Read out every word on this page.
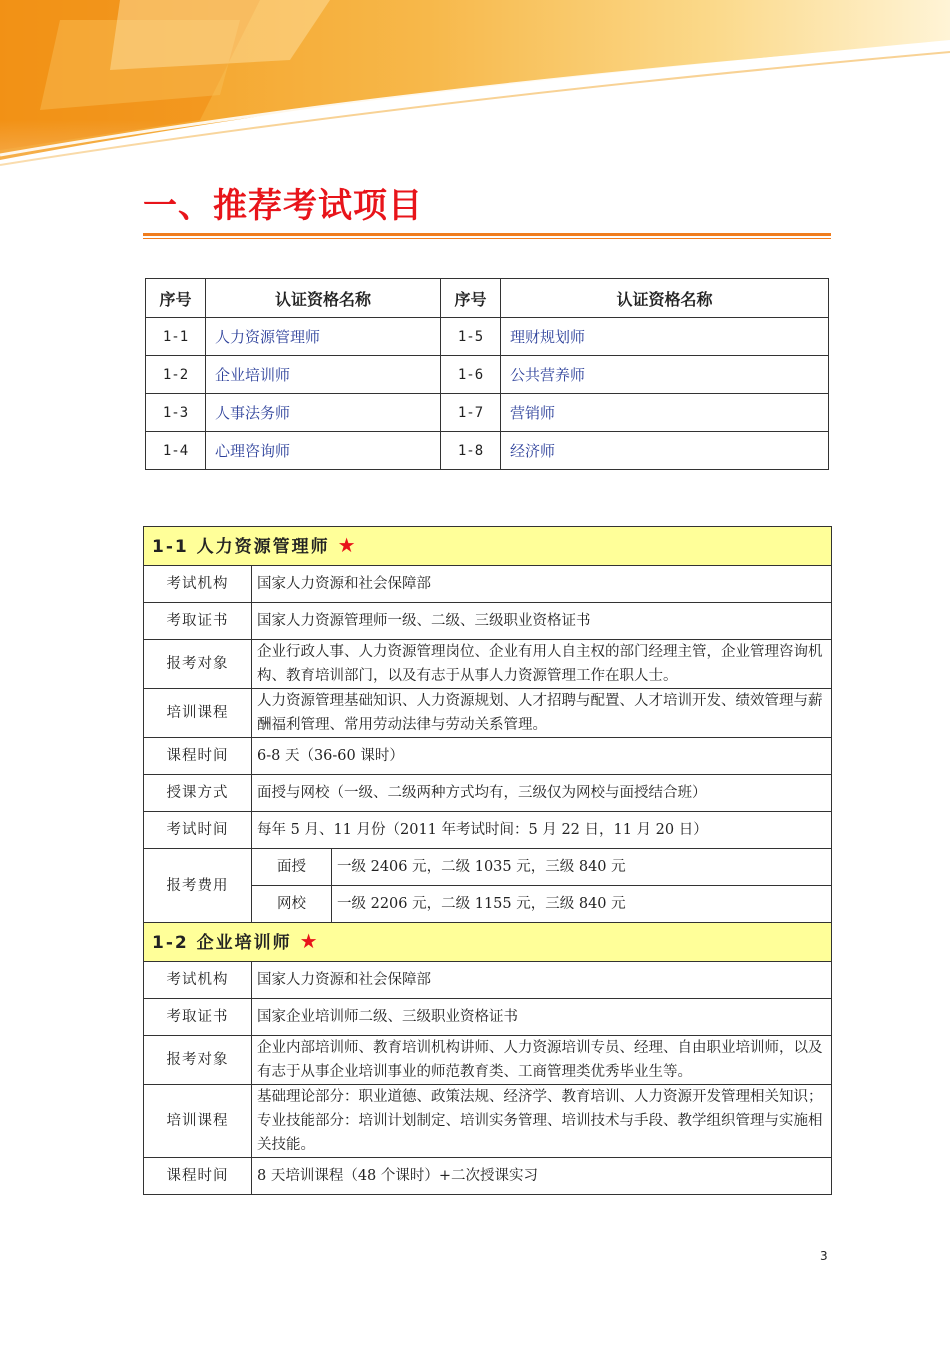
一、推荐考试项目
序号	认证资格名称	序号	认证资格名称
1-1	人力资源管理师	1-5	理财规划师
1-2	企业培训师	1-6	公共营养师
1-3	人事法务师	1-7	营销师
1-4	心理咨询师	1-8	经济师
1-1 人力资源管理师 ★		
考试机构	国家人力资源和社会保障部	
考取证书	国家人力资源管理师一级、二级、三级职业资格证书	
报考对象	企业行政人事、人力资源管理岗位、企业有用人自主权的部门经理主管，企业管理咨询机构、教育培训部门，以及有志于从事人力资源管理工作在职人士。	
培训课程	人力资源管理基础知识、人力资源规划、人才招聘与配置、人才培训开发、绩效管理与薪酬福利管理、常用劳动法律与劳动关系管理。	
课程时间	6-8 天（36-60 课时）	
授课方式	面授与网校（一级、二级两种方式均有，三级仅为网校与面授结合班）	
考试时间	每年 5 月、11 月份（2011 年考试时间：5 月 22 日，11 月 20 日）	
报考费用	面授	一级 2406 元，二级 1035 元，三级 840 元
	网校	一级 2206 元，二级 1155 元，三级 840 元
1-2 企业培训师 ★		
考试机构	国家人力资源和社会保障部	
考取证书	国家企业培训师二级、三级职业资格证书	
报考对象	企业内部培训师、教育培训机构讲师、人力资源培训专员、经理、自由职业培训师，以及有志于从事企业培训事业的师范教育类、工商管理类优秀毕业生等。	
培训课程	基础理论部分：职业道德、政策法规、经济学、教育培训、人力资源开发管理相关知识；专业技能部分：培训计划制定、培训实务管理、培训技术与手段、教学组织管理与实施相关技能。	
课程时间	8 天培训课程（48 个课时）+二次授课实习	
3
